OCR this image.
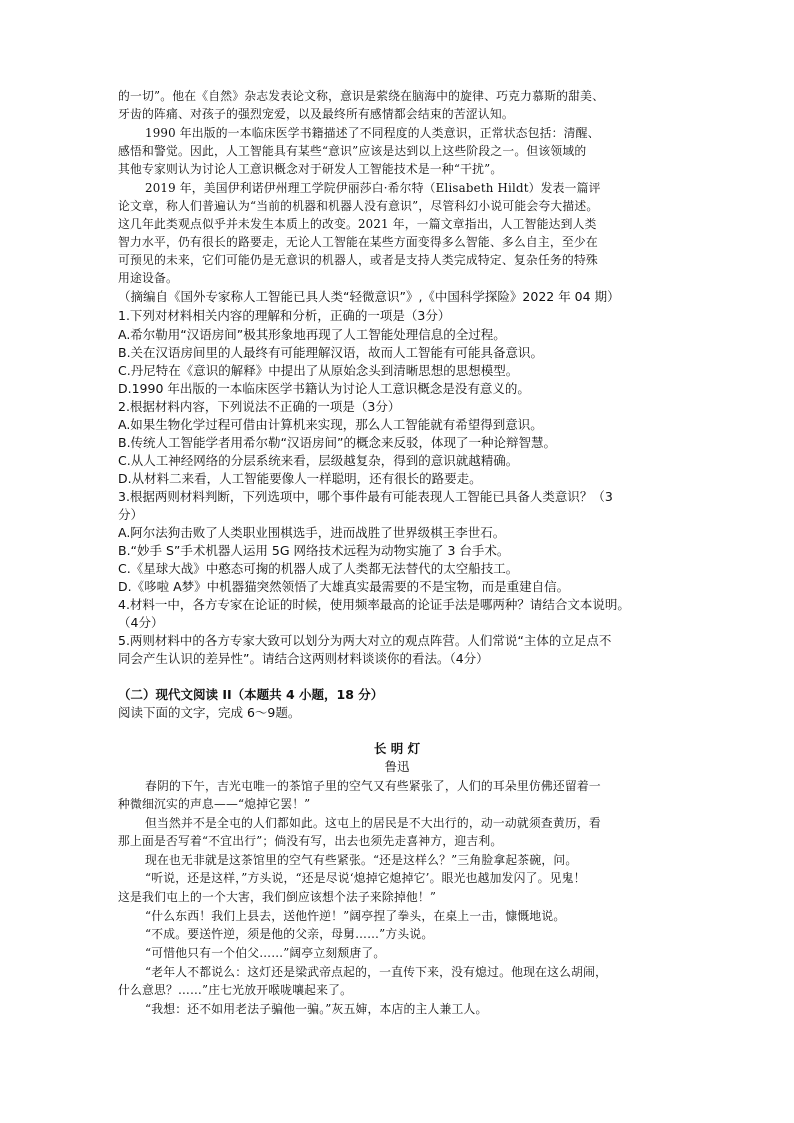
的一切”。他在《自然》杂志发表论文称，意识是萦绕在脑海中的旋律、巧克力慕斯的甜美、
牙齿的阵痛、对孩子的强烈宠爱，以及最终所有感情都会结束的苦涩认知。
1990 年出版的一本临床医学书籍描述了不同程度的人类意识，正常状态包括：清醒、
感悟和警觉。因此，人工智能具有某些“意识”应该是达到以上这些阶段之一。但该领域的
其他专家则认为讨论人工意识概念对于研发人工智能技术是一种“干扰”。
2019 年，美国伊利诺伊州理工学院伊丽莎白·希尔特（Elisabeth Hildt）发表一篇评
论文章，称人们普遍认为“当前的机器和机器人没有意识”，尽管科幻小说可能会夸大描述。
这几年此类观点似乎并未发生本质上的改变。2021 年，一篇文章指出，人工智能达到人类
智力水平，仍有很长的路要走，无论人工智能在某些方面变得多么智能、多么自主，至少在
可预见的未来，它们可能仍是无意识的机器人，或者是支持人类完成特定、复杂任务的特殊
用途设备。
（摘编自《国外专家称人工智能已具人类“轻微意识”》,《中国科学探险》2022 年 04 期）
1.下列对材料相关内容的理解和分析，正确的一项是（3分）
A.希尔勒用“汉语房间”极其形象地再现了人工智能处理信息的全过程。
B.关在汉语房间里的人最终有可能理解汉语，故而人工智能有可能具备意识。
C.丹尼特在《意识的解释》中提出了从原始念头到清晰思想的思想模型。
D.1990 年出版的一本临床医学书籍认为讨论人工意识概念是没有意义的。
2.根据材料内容，下列说法不正确的一项是（3分）
A.如果生物化学过程可借由计算机来实现，那么人工智能就有希望得到意识。
B.传统人工智能学者用希尔勒“汉语房间”的概念来反驳，体现了一种论辩智慧。
C.从人工神经网络的分层系统来看，层级越复杂，得到的意识就越精确。
D.从材料二来看，人工智能要像人一样聪明，还有很长的路要走。
3.根据两则材料判断，下列选项中，哪个事件最有可能表现人工智能已具备人类意识？（3
分）
A.阿尔法狗击败了人类职业围棋选手，进而战胜了世界级棋王李世石。
B.“妙手 S”手术机器人运用 5G 网络技术远程为动物实施了 3 台手术。
C.《星球大战》中憨态可掬的机器人成了人类都无法替代的太空船技工。
D.《哆啦 A梦》中机器猫突然领悟了大雄真实最需要的不是宝物，而是重建自信。
4.材料一中，各方专家在论证的时候，使用频率最高的论证手法是哪两种？请结合文本说明。
（4分）
5.两则材料中的各方专家大致可以划分为两大对立的观点阵营。人们常说“主体的立足点不
同会产生认识的差异性”。请结合这两则材料谈谈你的看法。（4分）
（二）现代文阅读 II（本题共 4 小题，18 分）
阅读下面的文字，完成 6～9题。
长 明 灯
鲁迅
春阴的下午，吉光屯唯一的茶馆子里的空气又有些紧张了，人们的耳朵里仿佛还留着一
种微细沉实的声息——“熄掉它罢！”
但当然并不是全屯的人们都如此。这屯上的居民是不大出行的，动一动就须查黄历，看
那上面是否写着“不宜出行”；倘没有写，出去也须先走喜神方，迎吉利。
现在也无非就是这茶馆里的空气有些紧张。“还是这样么？”三角脸拿起茶碗，问。
“听说，还是这样，”方头说，“还是尽说‘熄掉它熄掉它’。眼光也越加发闪了。见鬼！
这是我们屯上的一个大害，我们倒应该想个法子来除掉他！”
“什么东西！我们上县去，送他忤逆！”阔亭捏了拳头，在桌上一击，慷慨地说。
“不成。要送忤逆，须是他的父亲，母舅……”方头说。
“可惜他只有一个伯父……”阔亭立刻颓唐了。
“老年人不都说么：这灯还是梁武帝点起的，一直传下来，没有熄过。他现在这么胡闹，
什么意思？……”庄七光放开喉咙嚷起来了。
“我想：还不如用老法子骗他一骗。”灰五婶，本店的主人兼工人。
